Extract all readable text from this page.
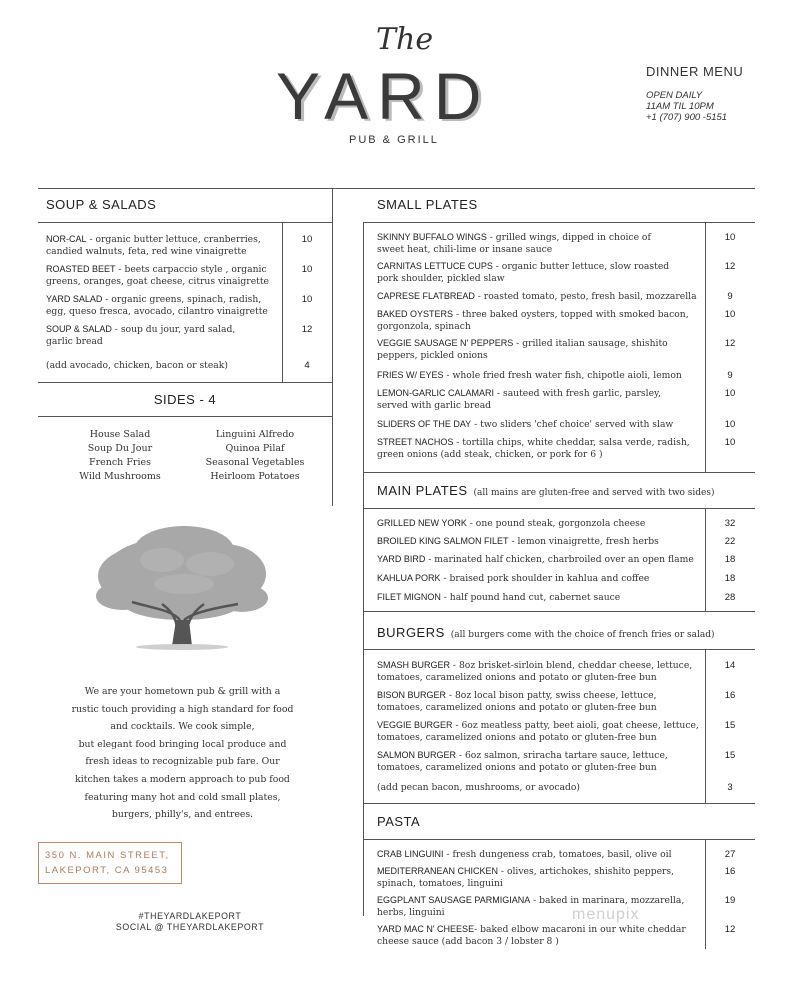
The
YARD
PUB & GRILL
DINNER MENU
OPEN DAILY
11AM TIL 10PM
+1 (707) 900 -5151
SOUP & SALADS
NOR-CAL - organic butter lettuce, cranberries,
candied walnuts, feta, red wine vinaigrette
10
ROASTED BEET - beets carpaccio style , organic
greens, oranges, goat cheese, citrus vinaigrette
10
YARD SALAD - organic greens, spinach, radish,
egg, queso fresca, avocado, cilantro vinaigrette
10
SOUP & SALAD - soup du jour, yard salad,
garlic bread
12
(add avocado, chicken, bacon or steak)	4
SIDES - 4
House Salad
Soup Du Jour
French Fries
Wild Mushrooms
Linguini Alfredo
Quinoa Pilaf
Seasonal Vegetables
Heirloom Potatoes
We are your hometown pub & grill with a
rustic touch providing a high standard for food
and cocktails. We cook simple,
but elegant food bringing local produce and
fresh ideas to recognizable pub fare. Our
kitchen takes a modern approach to pub food
featuring many hot and cold small plates,
burgers, philly's, and entrees.
350 N. MAIN STREET,
LAKEPORT, CA 95453
#THEYARDLAKEPORT
SOCIAL @ THEYARDLAKEPORT
SMALL PLATES
SKINNY BUFFALO WINGS - grilled wings, dipped in choice of
sweet heat, chili-lime or insane sauce
10
CARNITAS LETTUCE CUPS - organic butter lettuce, slow roasted
pork shoulder, pickled slaw
12
CAPRESE FLATBREAD - roasted tomato, pesto, fresh basil, mozzarella	9
BAKED OYSTERS - three baked oysters, topped with smoked bacon,
gorgonzola, spinach
10
VEGGIE SAUSAGE N' PEPPERS - grilled italian sausage, shishito
peppers, pickled onions
12
FRIES W/ EYES - whole fried fresh water fish, chipotle aioli, lemon	9
LEMON-GARLIC CALAMARI - sauteed with fresh garlic, parsley,
served with garlic bread
10
SLIDERS OF THE DAY - two sliders 'chef choice' served with slaw	10
STREET NACHOS - tortilla chips, white cheddar, salsa verde, radish,
green onions (add steak, chicken, or pork for 6 )
10
MAIN PLATES (all mains are gluten-free and served with two sides)
GRILLED NEW YORK - one pound steak, gorgonzola cheese	32
BROILED KING SALMON FILET - lemon vinaigrette, fresh herbs	22
YARD BIRD - marinated half chicken, charbroiled over an open flame	18
KAHLUA PORK - braised pork shoulder in kahlua and coffee	18
FILET MIGNON - half pound hand cut, cabernet sauce	28
BURGERS (all burgers come with the choice of french fries or salad)
SMASH BURGER - 8oz brisket-sirloin blend, cheddar cheese, lettuce,
tomatoes, caramelized onions and potato or gluten-free bun
14
BISON BURGER - 8oz local bison patty, swiss cheese, lettuce,
tomatoes, caramelized onions and potato or gluten-free bun
16
VEGGIE BURGER - 6oz meatless patty, beet aioli, goat cheese, lettuce,
tomatoes, caramelized onions and potato or gluten-free bun
15
SALMON BURGER - 6oz salmon, sriracha tartare sauce, lettuce,
tomatoes, caramelized onions and potato or gluten-free bun
15
(add pecan bacon, mushrooms, or avocado)	3
PASTA
CRAB LINGUINI - fresh dungeness crab, tomatoes, basil, olive oil	27
MEDITERRANEAN CHICKEN - olives, artichokes, shishito peppers,
spinach, tomatoes, linguini
16
EGGPLANT SAUSAGE PARMIGIANA - baked in marinara, mozzarella,
herbs, linguini
19
YARD MAC N' CHEESE- baked elbow macaroni in our white cheddar
cheese sauce (add bacon 3 / lobster 8 )
12
menupix
